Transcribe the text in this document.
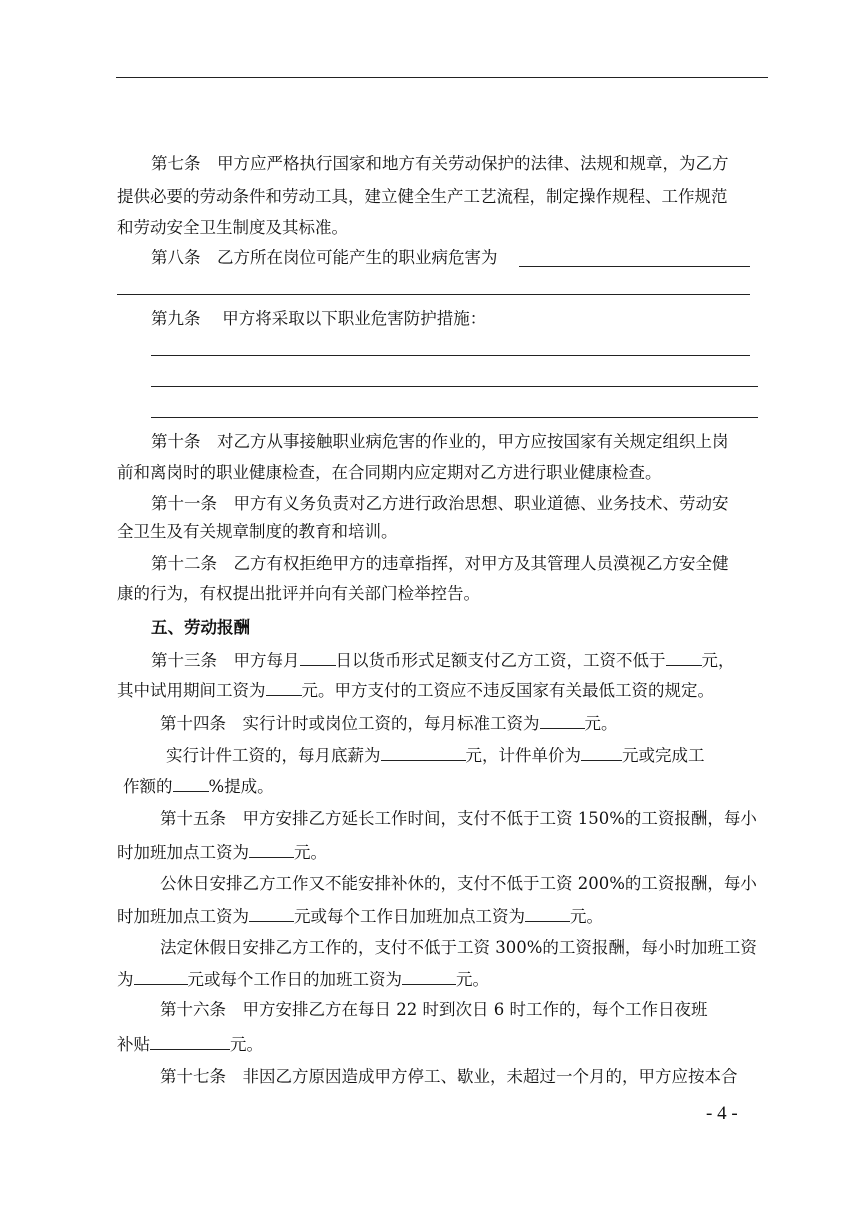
第七条　甲方应严格执行国家和地方有关劳动保护的法律、法规和规章，为乙方
提供必要的劳动条件和劳动工具，建立健全生产工艺流程，制定操作规程、工作规范
和劳动安全卫生制度及其标准。
第八条　乙方所在岗位可能产生的职业病危害为
第九条　 甲方将采取以下职业危害防护措施：
第十条　对乙方从事接触职业病危害的作业的，甲方应按国家有关规定组织上岗
前和离岗时的职业健康检查，在合同期内应定期对乙方进行职业健康检查。
第十一条　甲方有义务负责对乙方进行政治思想、职业道德、业务技术、劳动安
全卫生及有关规章制度的教育和培训。
第十二条　乙方有权拒绝甲方的违章指挥，对甲方及其管理人员漠视乙方安全健
康的行为，有权提出批评并向有关部门检举控告。
五、劳动报酬
第十三条　甲方每月 日以货币形式足额支付乙方工资，工资不低于 元，
其中试用期间工资为 元。甲方支付的工资应不违反国家有关最低工资的规定。
第十四条　实行计时或岗位工资的，每月标准工资为	元。
实行计件工资的，每月底薪为	元，计件单价为 元或完成工
作额的 %提成。
第十五条　甲方安排乙方延长工作时间，支付不低于工资 150%的工资报酬，每小
时加班加点工资为	元。
公休日安排乙方工作又不能安排补休的，支付不低于工资 200%的工资报酬，每小
时加班加点工资为	元或每个工作日加班加点工资为	元。
法定休假日安排乙方工作的，支付不低于工资 300%的工资报酬，每小时加班工资
为	元或每个工作日的加班工资为	元。
第十六条　甲方安排乙方在每日 22 时到次日 6 时工作的，每个工作日夜班
补贴	元。
第十七条　非因乙方原因造成甲方停工、歇业，未超过一个月的，甲方应按本合
- 4 -
